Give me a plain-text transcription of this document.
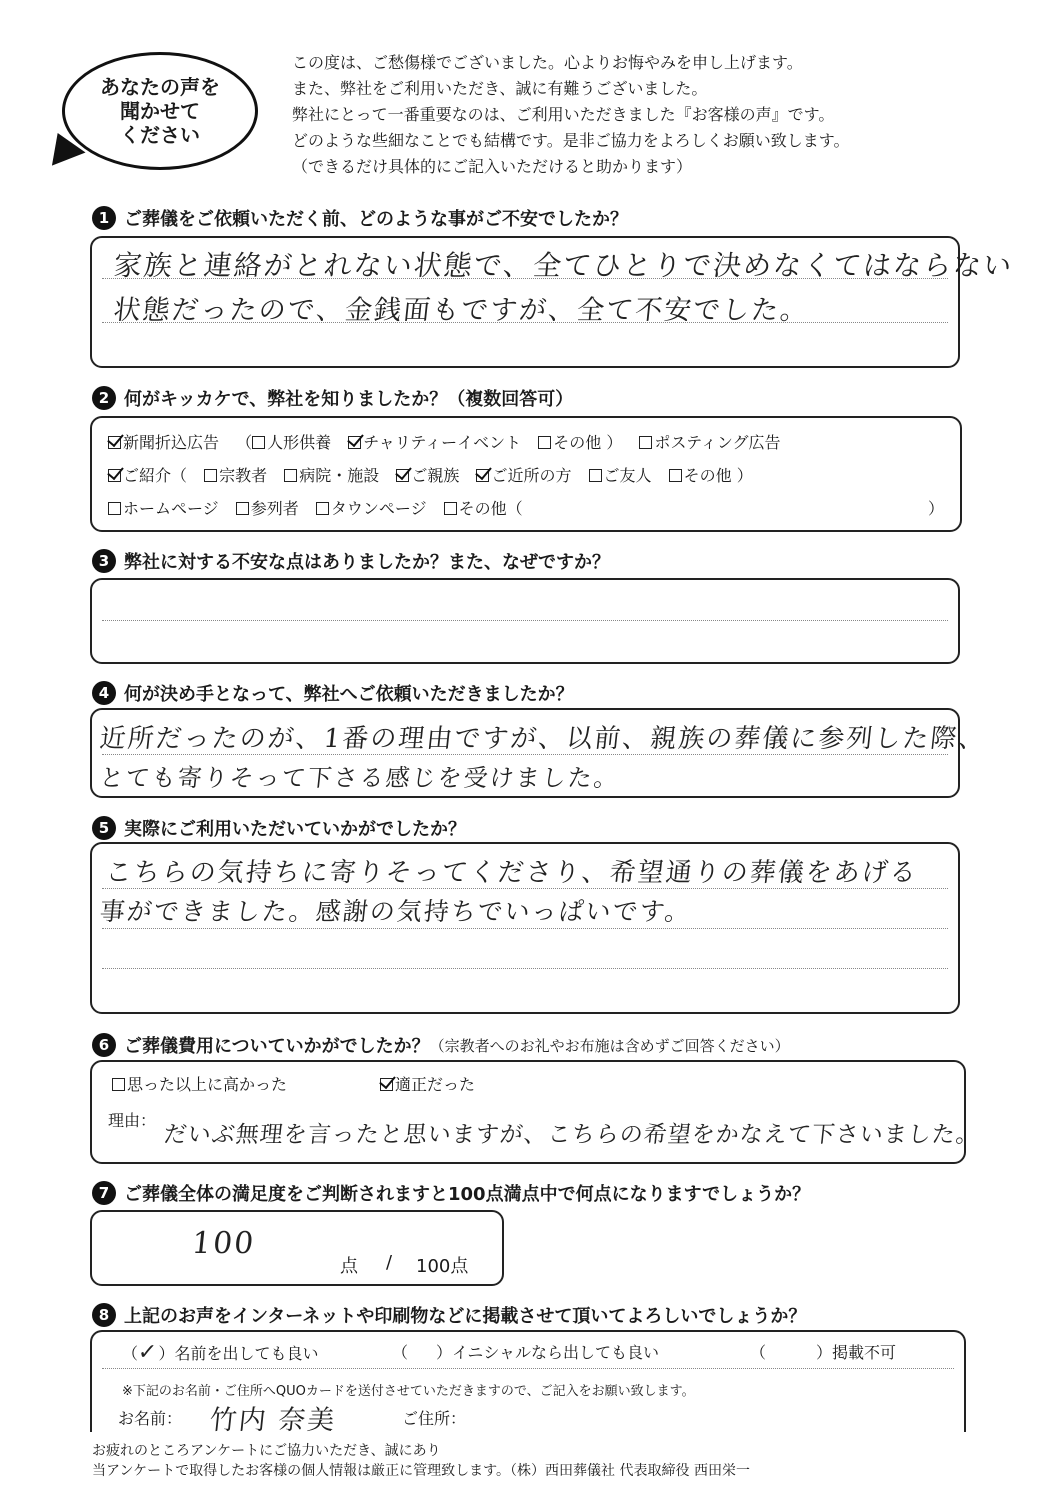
あなたの声を
聞かせて
ください
この度は、ご愁傷様でございました。心よりお悔やみを申し上げます。
また、弊社をご利用いただき、誠に有難うございました。
弊社にとって一番重要なのは、ご利用いただきました『お客様の声』です。
どのような些細なことでも結構です。是非ご協力をよろしくお願い致します。
（できるだけ具体的にご記入いただけると助かります）
1 ご葬儀をご依頼いただく前、どのような事がご不安でしたか？
家族と連絡がとれない状態で、全てひとりで決めなくてはならない
状態だったので、金銭面もですが、全て不安でした。
2 何がキッカケで、弊社を知りましたか？（複数回答可）
新聞折込広告 （ 人形供養 チャリティーイベント その他 ） ポスティング広告
ご紹介（ 宗教者 病院・施設 ご親族 ご近所の方 ご友人 その他 ）
ホームページ 参列者 タウンページ その他（	）
3 弊社に対する不安な点はありましたか？また、なぜですか？
4 何が決め手となって、弊社へご依頼いただきましたか？
近所だったのが、1番の理由ですが、以前、親族の葬儀に参列した際、
とても寄りそって下さる感じを受けました。
5 実際にご利用いただいていかがでしたか？
こちらの気持ちに寄りそってくださり、希望通りの葬儀をあげる
事ができました。感謝の気持ちでいっぱいです。
6 ご葬儀費用についていかがでしたか？ （宗教者へのお礼やお布施は含めずご回答ください）
思った以上に高かった	適正だった
理由：
だいぶ無理を言ったと思いますが、こちらの希望をかなえて下さいました。
7 ご葬儀全体の満足度をご判断されますと100点満点中で何点になりますでしょうか？
100
点 / 100点
8 上記のお声をインターネットや印刷物などに掲載させて頂いてよろしいでしょうか？
（✓）名前を出しても良い	（ ）イニシャルなら出しても良い	（	）掲載不可
※下記のお名前・ご住所へQUOカードを送付させていただきますので、ご記入をお願い致します。
お名前： 竹内 奈美	ご住所：
お疲れのところアンケートにご協力いただき、誠にあり
当アンケートで取得したお客様の個人情報は厳正に管理致します。（株）西田葬儀社 代表取締役 西田栄一
